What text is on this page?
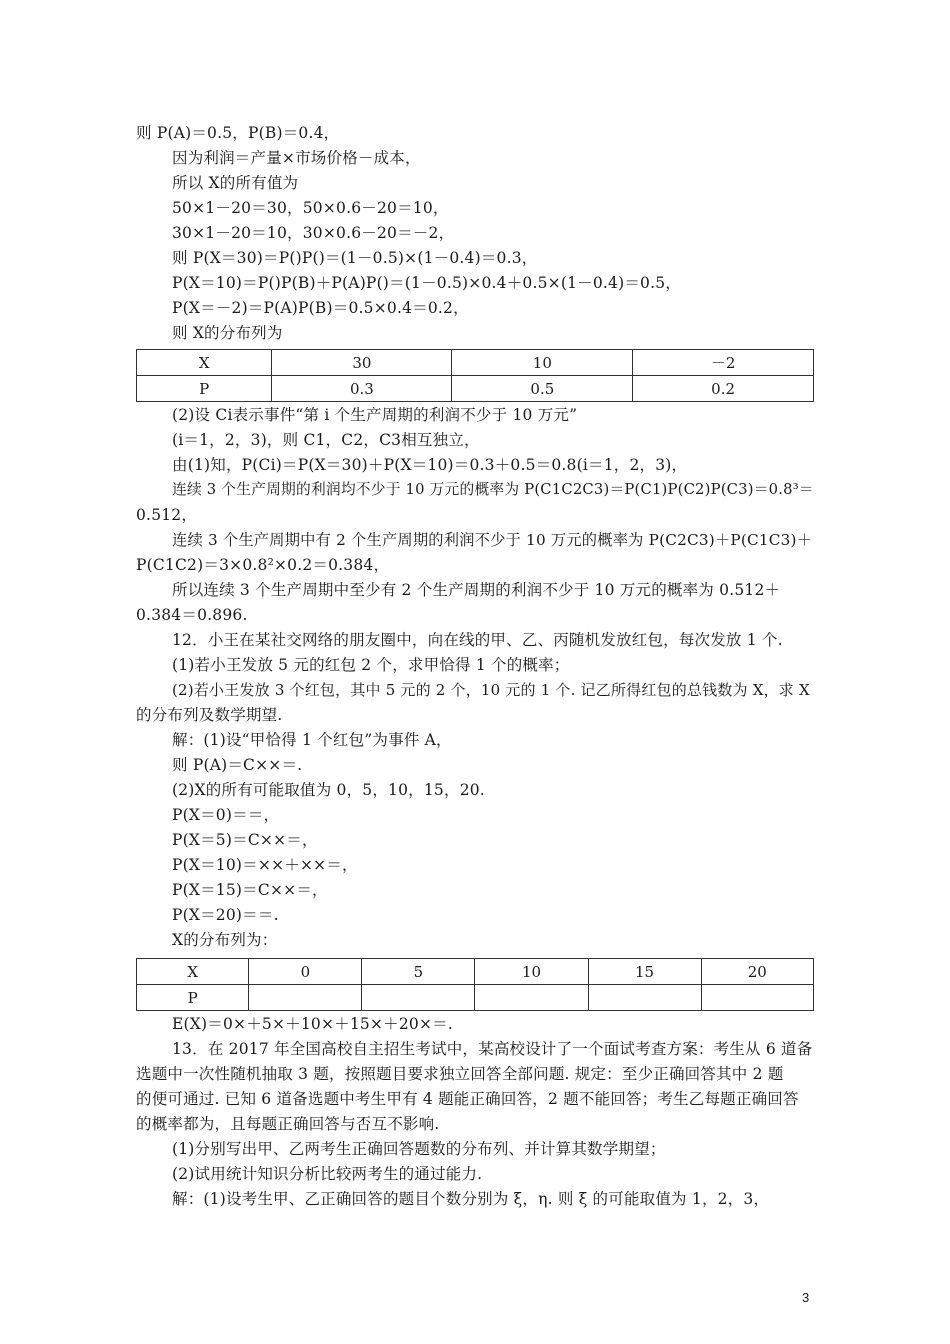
则 P(A)＝0.5，P(B)＝0.4，
因为利润＝产量×市场价格－成本，
所以 X的所有值为
50×1－20＝30，50×0.6－20＝10，
30×1－20＝10，30×0.6－20＝－2，
则 P(X＝30)＝P()P()＝(1－0.5)×(1－0.4)＝0.3，
P(X＝10)＝P()P(B)＋P(A)P()＝(1－0.5)×0.4＋0.5×(1－0.4)＝0.5，
P(X＝－2)＝P(A)P(B)＝0.5×0.4＝0.2，
则 X的分布列为
X	30	10	－2
P	0.3	0.5	0.2
(2)设 Ci表示事件“第 i 个生产周期的利润不少于 10 万元”
(i＝1，2，3)，则 C1，C2，C3相互独立，
由(1)知，P(Ci)＝P(X＝30)＋P(X＝10)＝0.3＋0.5＝0.8(i＝1，2，3)，
连续 3 个生产周期的利润均不少于 10 万元的概率为 P(C1C2C3)＝P(C1)P(C2)P(C3)＝0.8³＝
0.512，
连续 3 个生产周期中有 2 个生产周期的利润不少于 10 万元的概率为 P(C2C3)＋P(C1C3)＋
P(C1C2)＝3×0.8²×0.2＝0.384，
所以连续 3 个生产周期中至少有 2 个生产周期的利润不少于 10 万元的概率为 0.512＋
0.384＝0.896.
12．小王在某社交网络的朋友圈中，向在线的甲、乙、丙随机发放红包，每次发放 1 个.
(1)若小王发放 5 元的红包 2 个，求甲恰得 1 个的概率；
(2)若小王发放 3 个红包，其中 5 元的 2 个，10 元的 1 个. 记乙所得红包的总钱数为 X，求 X
的分布列及数学期望.
解：(1)设“甲恰得 1 个红包”为事件 A，
则 P(A)＝C××＝.
(2)X的所有可能取值为 0，5，10，15，20.
P(X＝0)＝＝，
P(X＝5)＝C××＝，
P(X＝10)＝××＋××＝，
P(X＝15)＝C××＝，
P(X＝20)＝＝.
X的分布列为：
X	0	5	10	15	20
P					
E(X)＝0×＋5×＋10×＋15×＋20×＝.
13．在 2017 年全国高校自主招生考试中，某高校设计了一个面试考查方案：考生从 6 道备
选题中一次性随机抽取 3 题，按照题目要求独立回答全部问题. 规定：至少正确回答其中 2 题
的便可通过. 已知 6 道备选题中考生甲有 4 题能正确回答，2 题不能回答；考生乙每题正确回答
的概率都为，且每题正确回答与否互不影响.
(1)分别写出甲、乙两考生正确回答题数的分布列、并计算其数学期望；
(2)试用统计知识分析比较两考生的通过能力.
解：(1)设考生甲、乙正确回答的题目个数分别为 ξ，η. 则 ξ 的可能取值为 1，2，3，
3
